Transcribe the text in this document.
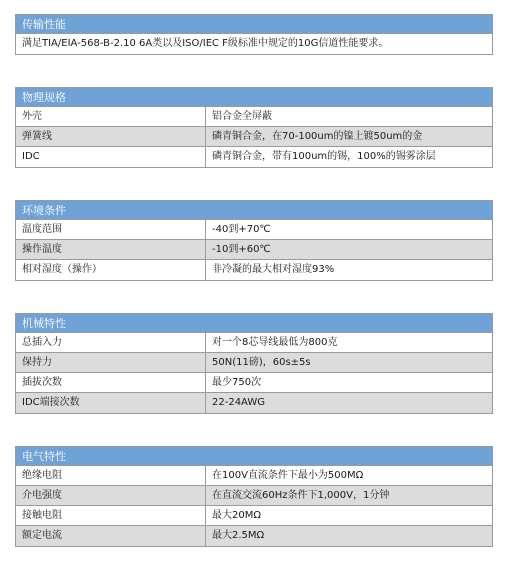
传输性能
满足TIA/EIA-568-B-2.10 6A类以及ISO/IEC F级标准中规定的10G信道性能要求。
物理规格
外壳	铝合金全屏蔽
弹簧线	磷青铜合金，在70-100um的镍上镀50um的金
IDC	磷青铜合金，带有100um的锡，100%的锡雾涂层
环境条件
温度范围	-40到+70℃
操作温度	-10到+60℃
相对湿度（操作）	非冷凝的最大相对湿度93%
机械特性
总插入力	对一个8芯导线最低为800克
保持力	50N(11磅)，60s±5s
插拔次数	最少750次
IDC端接次数	22-24AWG
电气特性
绝缘电阻	在100V直流条件下最小为500MΩ
介电强度	在直流交流60Hz条件下1,000V，1分钟
接触电阻	最大20MΩ
额定电流	最大2.5MΩ
